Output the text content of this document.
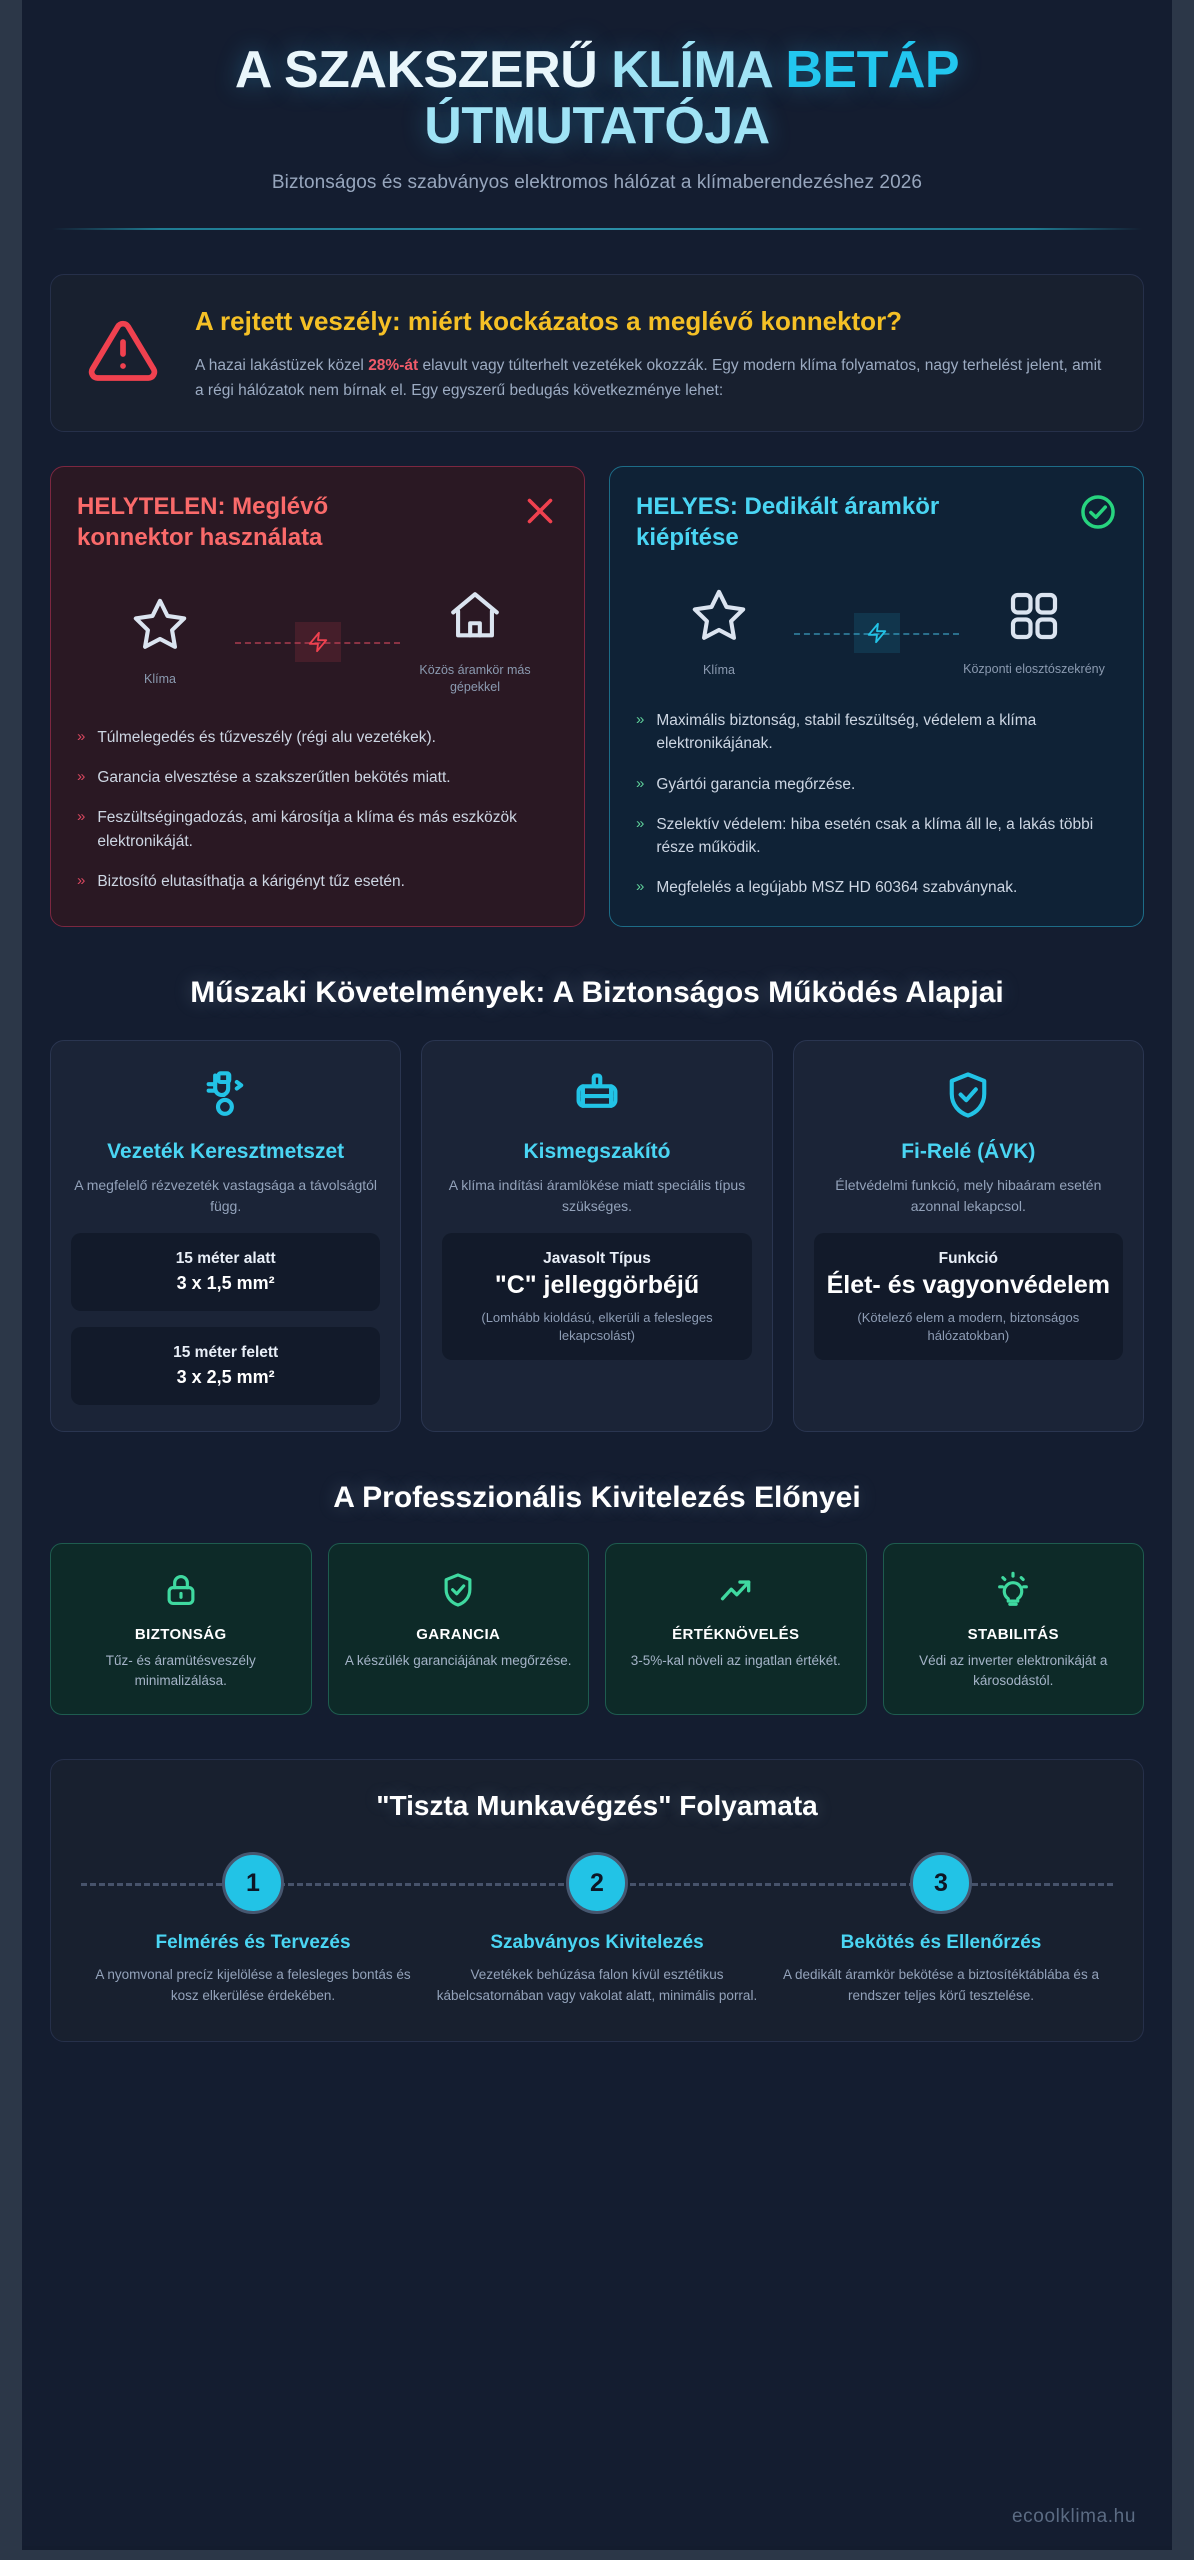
A SZAKSZERŰ KLÍMA BETÁP
ÚTMUTATÓJA
Biztonságos és szabványos elektromos hálózat a klímaberendezéshez 2026
A rejtett veszély: miért kockázatos a meglévő konnektor?
A hazai lakástüzek közel 28%-át elavult vagy túlterhelt vezetékek okozzák. Egy modern klíma folyamatos, nagy terhelést jelent, amit a régi hálózatok nem bírnak el. Egy egyszerű bedugás következménye lehet:
HELYTELEN: Meglévő konnektor használata
Klíma
Közös áramkör más gépekkel
» Túlmelegedés és tűzveszély (régi alu vezetékek).
» Garancia elvesztése a szakszerűtlen bekötés miatt.
» Feszültségingadozás, ami károsítja a klíma és más eszközök elektronikáját.
» Biztosító elutasíthatja a kárigényt tűz esetén.
HELYES: Dedikált áramkör kiépítése
Klíma	Központi elosztószekrény
» Maximális biztonság, stabil feszültség, védelem a klíma elektronikájának.
» Gyártói garancia megőrzése.
» Szelektív védelem: hiba esetén csak a klíma áll le, a lakás többi része működik.
» Megfelelés a legújabb MSZ HD 60364 szabványnak.
Műszaki Követelmények: A Biztonságos Működés Alapjai
Vezeték Keresztmetszet
A megfelelő rézvezeték vastagsága a távolságtól függ.
15 méter alatt
3 x 1,5 mm²
15 méter felett
3 x 2,5 mm²
Kismegszakító
A klíma indítási áramlökése miatt speciális típus szükséges.
Javasolt Típus
"C" jelleggörbéjű
(Lomhább kioldású, elkerüli a felesleges lekapcsolást)
Fi-Relé (ÁVK)
Életvédelmi funkció, mely hibaáram esetén azonnal lekapcsol.
Funkció
Élet- és vagyonvédelem
(Kötelező elem a modern, biztonságos hálózatokban)
A Professzionális Kivitelezés Előnyei
BIZTONSÁG
Tűz- és áramütésveszély minimalizálása.
GARANCIA
A készülék garanciájának megőrzése.
ÉRTÉKNÖVELÉS
3-5%-kal növeli az ingatlan értékét.
STABILITÁS
Védi az inverter elektronikáját a károsodástól.
"Tiszta Munkavégzés" Folyamata
1	2	3
Felmérés és Tervezés
A nyomvonal precíz kijelölése a felesleges bontás és kosz elkerülése érdekében.
Szabványos Kivitelezés
Vezetékek behúzása falon kívül esztétikus kábelcsatornában vagy vakolat alatt, minimális porral.
Bekötés és Ellenőrzés
A dedikált áramkör bekötése a biztosítéktáblába és a rendszer teljes körű tesztelése.
ecoolklima.hu
